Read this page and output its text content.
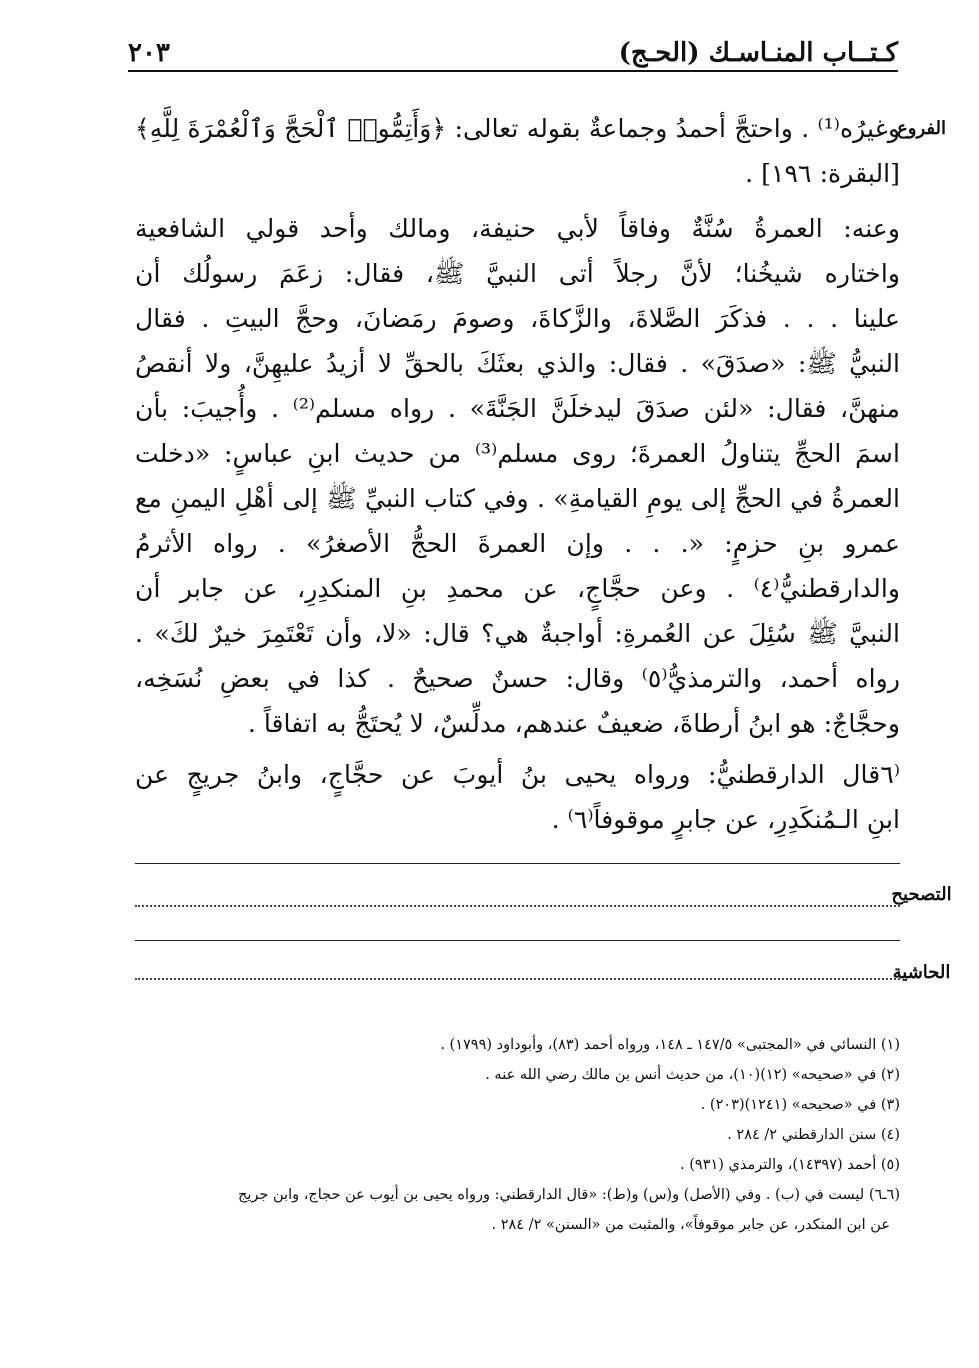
كـتــاب المنـاسـك (الحـج)
٢٠٣
الفروع

وغيرُه⁽¹⁾ . واحتجَّ أحمدُ وجماعةٌ بقوله تعالى: ﴿وَأَتِمُّوا۟ ٱلْحَجَّ وَٱلْعُمْرَةَ لِلَّهِ﴾
[البقرة: ١٩٦] .

وعنه: العمرةُ سُنَّةٌ وفاقاً لأبي حنيفة، ومالك وأحد قولي الشافعية
واختاره شيخُنا؛ لأنَّ رجلاً أتى النبيَّ ﷺ، فقال: زعَمَ رسولُك أن
علينا . . . فذكَرَ الصَّلاةَ، والزَّكاةَ، وصومَ رمَضانَ، وحجَّ البيتِ . فقال
النبيُّ ﷺ: «صدَقَ» . فقال: والذي بعثَكَ بالحقِّ لا أزيدُ عليهِنَّ، ولا أنقصُ
منهنَّ، فقال: «لئن صدَقَ ليدخلَنَّ الجَنَّةَ» . رواه مسلم⁽²⁾ . وأُجيبَ: بأن
اسمَ الحجِّ يتناولُ العمرةَ؛ روى مسلم⁽³⁾ من حديث ابنِ عباسٍ: «دخلت
العمرةُ في الحجِّ إلى يومِ القيامةِ» . وفي كتاب النبيِّ ﷺ إلى أهْلِ اليمنِ مع
عمرو بنِ حزمٍ: «. . . وإن العمرةَ الحجُّ الأصغرُ» . رواه الأثرمُ
والدارقطنيُّ⁽٤⁾ . وعن حجَّاجٍ، عن محمدِ بنِ المنكدِرِ، عن جابر أن
النبيَّ ﷺ سُئِلَ عن العُمرةِ: أواجبةٌ هي؟ قال: «لا، وأن تَعْتَمِرَ خيرٌ لكَ» .
رواه أحمد، والترمذيُّ⁽٥⁾ وقال: حسنٌ صحيحٌ . كذا في بعضِ نُسَخِه،
وحجَّاجٌ: هو ابنُ أرطاةَ، ضعيفٌ عندهم، مدلِّسٌ، لا يُحتَجُّ به اتفاقاً .

⁽٦قال الدارقطنيُّ: ورواه يحيى بنُ أيوبَ عن حجَّاجٍ، وابنُ جريجٍ عن
ابنِ الـمُنكَدِرِ، عن جابرٍ موقوفاً⁽٦⁾ .

التصحيح
الحاشية
(١) النسائي في «المجتبى» ١٤٧/٥ ـ ١٤٨، ورواه أحمد (٨٣)، وأبوداود (١٧٩٩) .
(٢) في «صحيحه» (١٢)(١٠)، من حديث أنس بن مالك رضي الله عنه .
(٣) في «صحيحه» (١٢٤١)(٢٠٣) .
(٤) سنن الدارقطني ٢/ ٢٨٤ .
(٥) أحمد (١٤٣٩٧)، والترمذي (٩٣١) .
(٦ـ٦) ليست في (ب) . وفي (الأصل) و(س) و(ط): «قال الدارقطني: ورواه يحيى بن أيوب عن حجاج، وابن جريج
عن ابن المنكدر، عن جابر موقوفاً»، والمثبت من «السنن» ٢/ ٢٨٤ .
